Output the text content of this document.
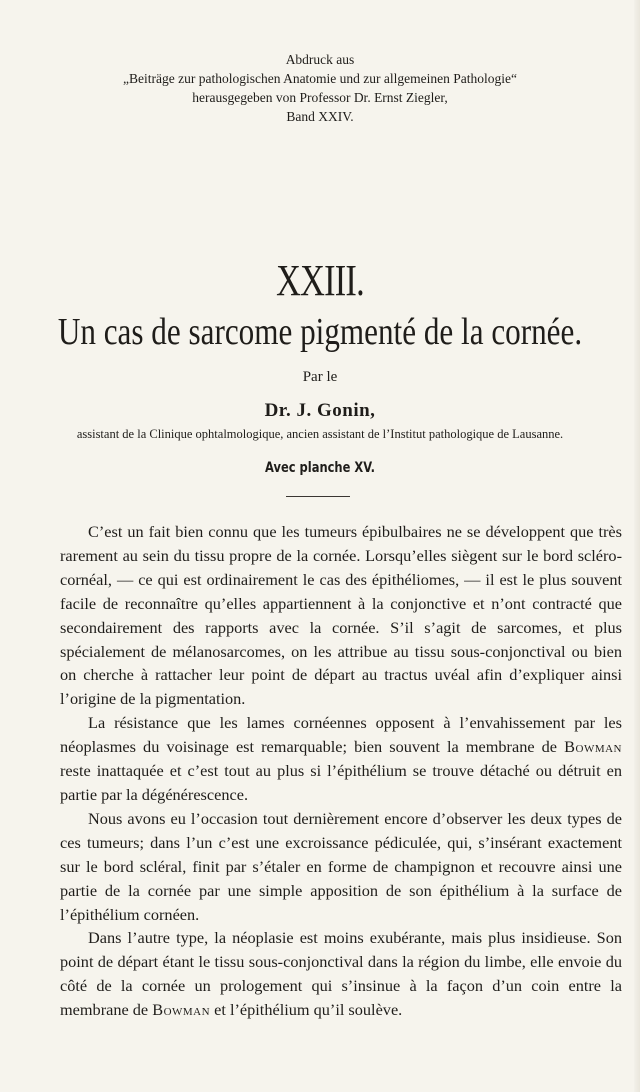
Abdruck aus
„Beiträge zur pathologischen Anatomie und zur allgemeinen Pathologie“
herausgegeben von Professor Dr. Ernst Ziegler,
Band XXIV.
XXIII.
Un cas de sarcome pigmenté de la cornée.
Par le
Dr. J. Gonin,
assistant de la Clinique ophtalmologique, ancien assistant de l’Institut pathologique de Lausanne.
Avec planche XV.

C’est un fait bien connu que les tumeurs épibulbaires ne se développent que très rarement au sein du tissu propre de la cornée. Lorsqu’elles siègent sur le bord scléro-cornéal, — ce qui est ordinairement le cas des épithéliomes, — il est le plus souvent facile de reconnaître qu’elles appartiennent à la conjonctive et n’ont contracté que secondairement des rapports avec la cornée. S’il s’agit de sarcomes, et plus spécialement de mélanosarcomes, on les attribue au tissu sous-conjonctival ou bien on cherche à rattacher leur point de départ au tractus uvéal afin d’expliquer ainsi l’origine de la pigmentation.

La résistance que les lames cornéennes opposent à l’envahissement par les néoplasmes du voisinage est remarquable; bien souvent la membrane de Bowman reste inattaquée et c’est tout au plus si l’épithélium se trouve détaché ou détruit en partie par la dégénérescence.

Nous avons eu l’occasion tout dernièrement encore d’observer les deux types de ces tumeurs; dans l’un c’est une excroissance pédiculée, qui, s’insérant exactement sur le bord scléral, finit par s’étaler en forme de champignon et recouvre ainsi une partie de la cornée par une simple apposition de son épithélium à la surface de l’épithélium cornéen.

Dans l’autre type, la néoplasie est moins exubérante, mais plus insidieuse. Son point de départ étant le tissu sous-conjonctival dans la région du limbe, elle envoie du côté de la cornée un prologement qui s’insinue à la façon d’un coin entre la membrane de Bowman et l’épithélium qu’il soulève.
